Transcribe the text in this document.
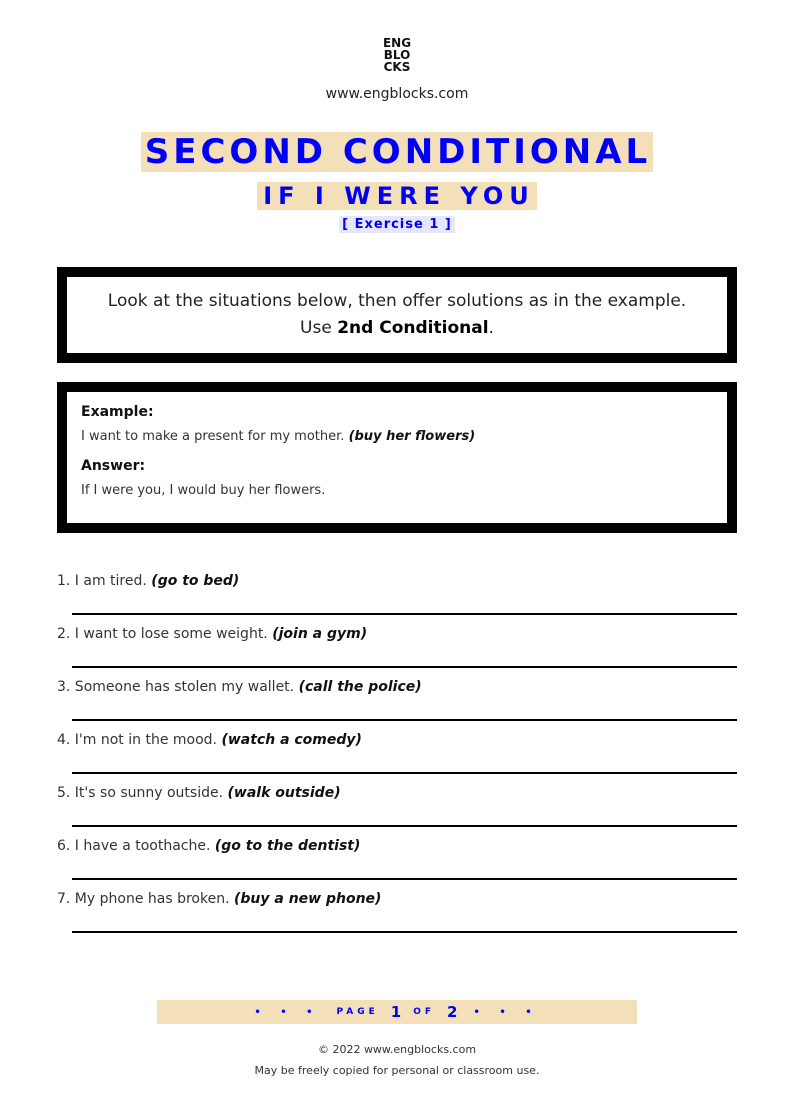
ENG
BLO
CKS
www.engblocks.com
SECOND CONDITIONAL
IF I WERE YOU
[ Exercise 1 ]
Look at the situations below, then offer solutions as in the example.
Use 2nd Conditional.
Example:
I want to make a present for my mother. (buy her flowers)
Answer:
If I were you, I would buy her flowers.
1. I am tired. (go to bed)
2. I want to lose some weight. (join a gym)
3. Someone has stolen my wallet. (call the police)
4. I'm not in the mood. (watch a comedy)
5. It's so sunny outside. (walk outside)
6. I have a toothache. (go to the dentist)
7. My phone has broken. (buy a new phone)
• • • PAGE 1 OF 2 • • •
© 2022 www.engblocks.com
May be freely copied for personal or classroom use.
